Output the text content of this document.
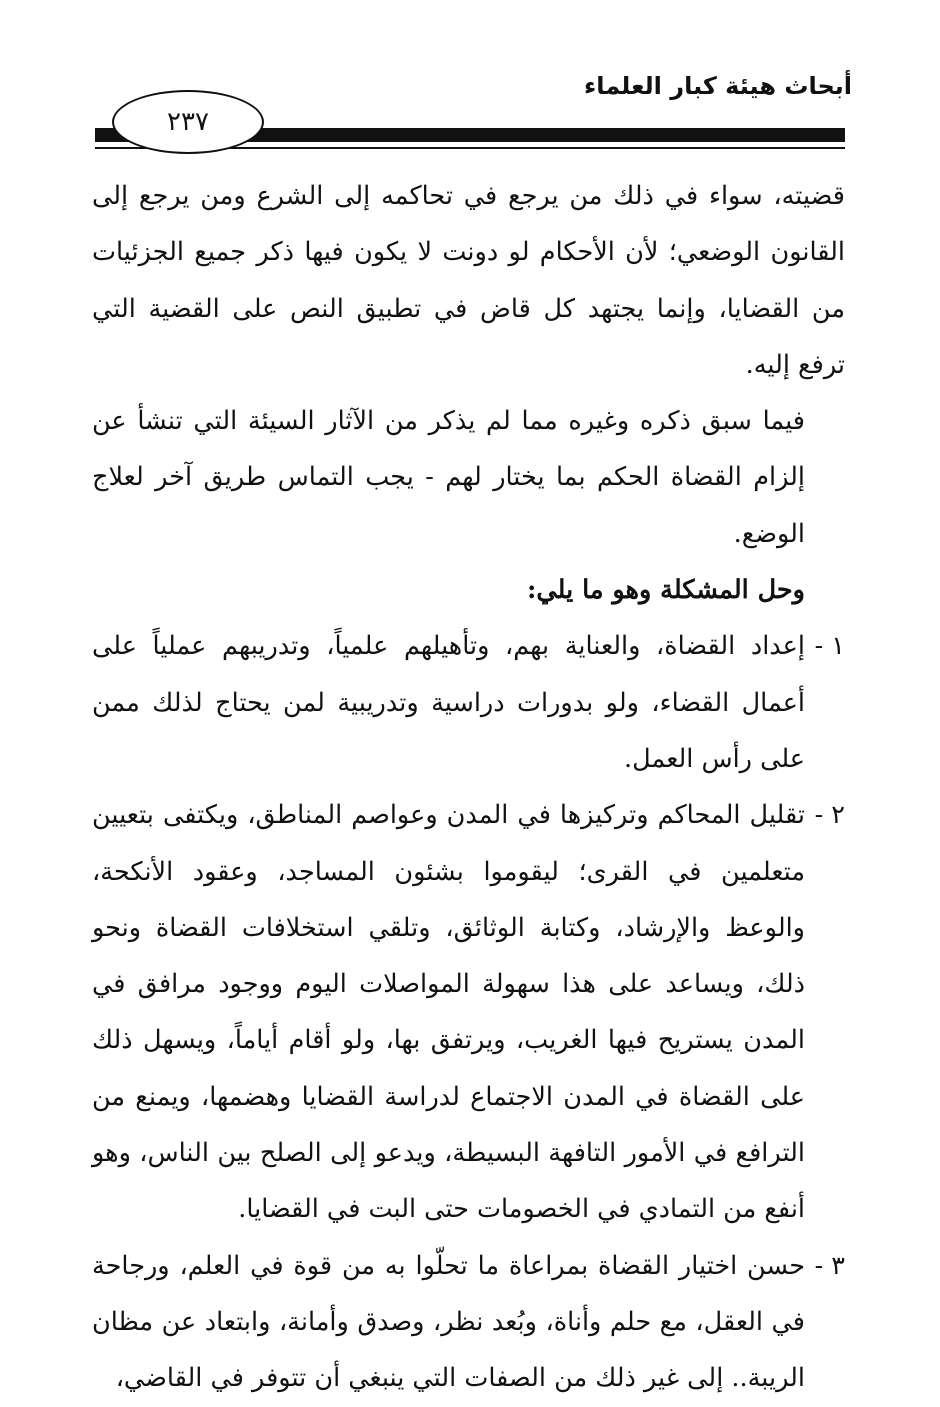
أبحاث هيئة كبار العلماء
٢٣٧

قضيته، سواء في ذلك من يرجع في تحاكمه إلى الشرع ومن يرجع إلى القانون الوضعي؛ لأن الأحكام لو دونت لا يكون فيها ذكر جميع الجزئيات من القضايا، وإنما يجتهد كل قاض في تطبيق النص على القضية التي ترفع إليه.

فيما سبق ذكره وغيره مما لم يذكر من الآثار السيئة التي تنشأ عن إلزام القضاة الحكم بما يختار لهم - يجب التماس طريق آخر لعلاج الوضع.

وحل المشكلة وهو ما يلي:

١ -
إعداد القضاة، والعناية بهم، وتأهيلهم علمياً، وتدريبهم عملياً على أعمال القضاء، ولو بدورات دراسية وتدريبية لمن يحتاج لذلك ممن على رأس العمل.
٢ -
تقليل المحاكم وتركيزها في المدن وعواصم المناطق، ويكتفى بتعيين متعلمين في القرى؛ ليقوموا بشئون المساجد، وعقود الأنكحة، والوعظ والإرشاد، وكتابة الوثائق، وتلقي استخلافات القضاة ونحو ذلك، ويساعد على هذا سهولة المواصلات اليوم ووجود مرافق في المدن يستريح فيها الغريب، ويرتفق بها، ولو أقام أياماً، ويسهل ذلك على القضاة في المدن الاجتماع لدراسة القضايا وهضمها، ويمنع من الترافع في الأمور التافهة البسيطة، ويدعو إلى الصلح بين الناس، وهو أنفع من التمادي في الخصومات حتى البت في القضايا.
٣ -
حسن اختيار القضاة بمراعاة ما تحلّوا به من قوة في العلم، ورجاحة في العقل، مع حلم وأناة، وبُعد نظر، وصدق وأمانة، وابتعاد عن مظان الريبة.. إلى غير ذلك من الصفات التي ينبغي أن تتوفر في القاضي،
